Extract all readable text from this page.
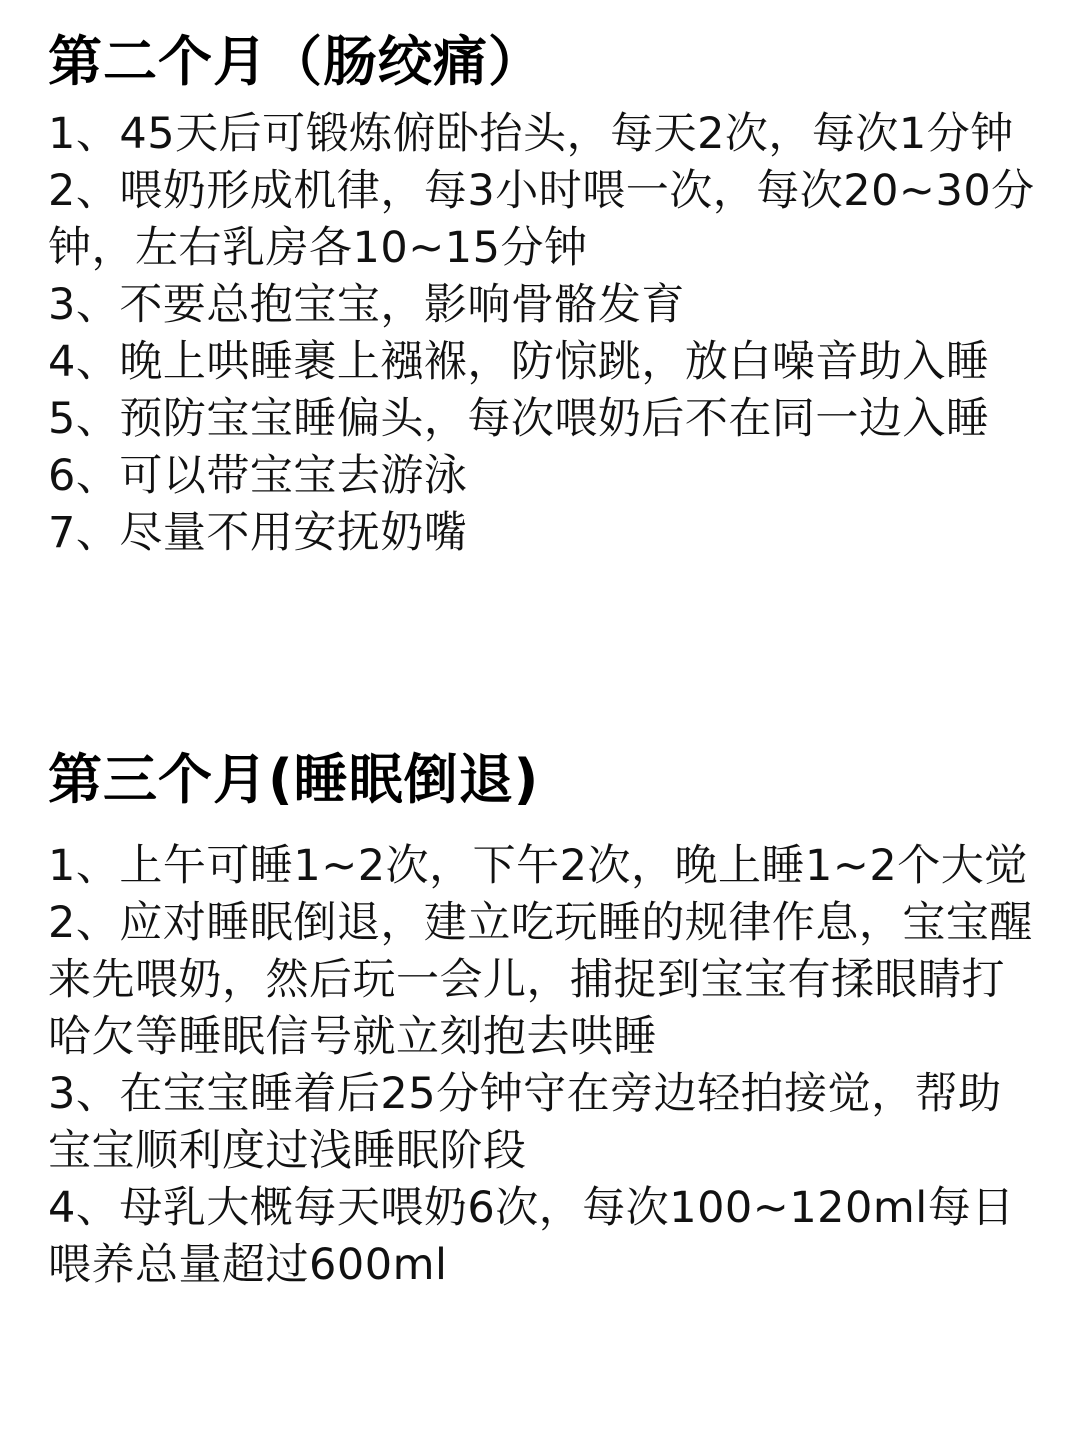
第二个月（肠绞痛）
1、45天后可锻炼俯卧抬头，每天2次，每次1分钟
2、喂奶形成机律，每3小时喂一次，每次20~30分钟，左右乳房各10~15分钟
3、不要总抱宝宝，影响骨骼发育
4、晚上哄睡裹上襁褓，防惊跳，放白噪音助入睡
5、预防宝宝睡偏头，每次喂奶后不在同一边入睡
6、可以带宝宝去游泳
7、尽量不用安抚奶嘴
第三个月(睡眠倒退)
1、上午可睡1~2次，下午2次，晚上睡1~2个大觉
2、应对睡眠倒退，建立吃玩睡的规律作息，宝宝醒来先喂奶，然后玩一会儿，捕捉到宝宝有揉眼睛打哈欠等睡眠信号就立刻抱去哄睡
3、在宝宝睡着后25分钟守在旁边轻拍接觉，帮助宝宝顺利度过浅睡眠阶段
4、母乳大概每天喂奶6次，每次100~120ml每日喂养总量超过600ml
